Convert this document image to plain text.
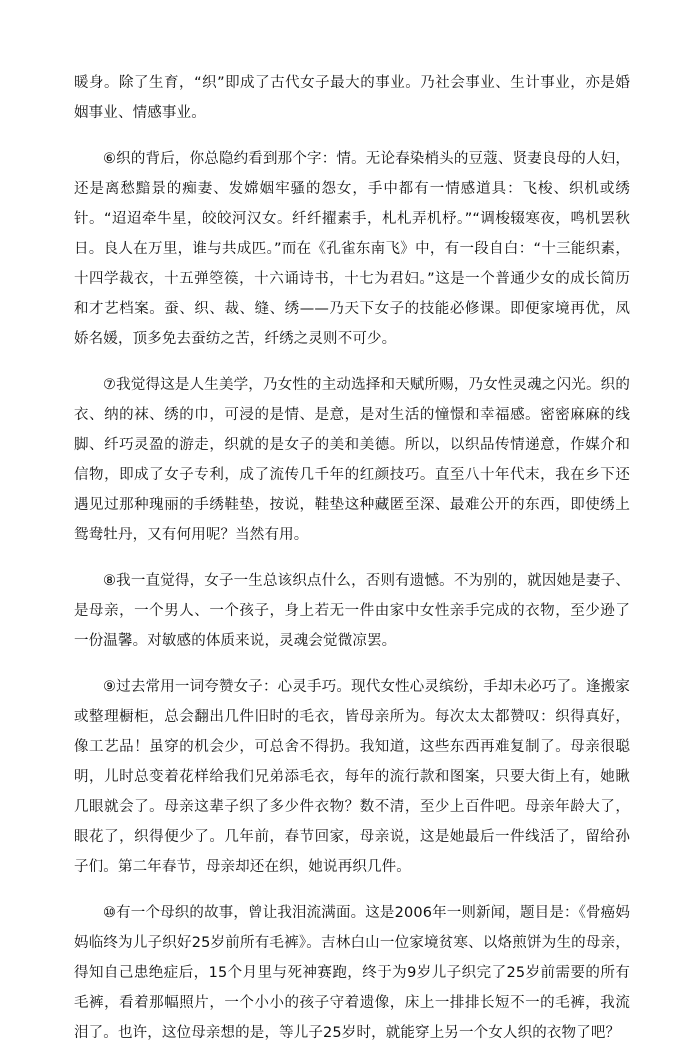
暖身。除了生育，“织”即成了古代女子最大的事业。乃社会事业、生计事业，亦是婚姻事业、情感事业。

⑥织的背后，你总隐约看到那个字：情。无论春染梢头的豆蔻、贤妻良母的人妇，还是离愁黯景的痴妻、发嫦姻牢骚的怨女，手中都有一情感道具：飞梭、织机或绣针。“迢迢牵牛星，皎皎河汉女。纤纤擢素手，札札弄机杼。”“调梭辍寒夜，鸣机罢秋日。良人在万里，谁与共成匹。”而在《孔雀东南飞》中，有一段自白：“十三能织素，十四学裁衣，十五弹箜篌，十六诵诗书，十七为君妇。”这是一个普通少女的成长简历和才艺档案。蚕、织、裁、缝、绣——乃天下女子的技能必修课。即便家境再优，凤娇名媛，顶多免去蚕纺之苦，纤绣之灵则不可少。

⑦我觉得这是人生美学，乃女性的主动选择和天赋所赐，乃女性灵魂之闪光。织的衣、纳的袜、绣的巾，可浸的是情、是意，是对生活的憧憬和幸福感。密密麻麻的线脚、纤巧灵盈的游走，织就的是女子的美和美德。所以，以织品传情递意，作媒介和信物，即成了女子专利，成了流传几千年的红颜技巧。直至八十年代末，我在乡下还遇见过那种瑰丽的手绣鞋垫，按说，鞋垫这种藏匿至深、最难公开的东西，即使绣上鸳鸯牡丹，又有何用呢？当然有用。

⑧我一直觉得，女子一生总该织点什么，否则有遗憾。不为别的，就因她是妻子、是母亲，一个男人、一个孩子，身上若无一件由家中女性亲手完成的衣物，至少逊了一份温馨。对敏感的体质来说，灵魂会觉微凉罢。

⑨过去常用一词夸赞女子：心灵手巧。现代女性心灵缤纷，手却未必巧了。逢搬家或整理橱柜，总会翻出几件旧时的毛衣，皆母亲所为。每次太太都赞叹：织得真好，像工艺品！虽穿的机会少，可总舍不得扔。我知道，这些东西再难复制了。母亲很聪明，儿时总变着花样给我们兄弟添毛衣，每年的流行款和图案，只要大街上有，她瞅几眼就会了。母亲这辈子织了多少件衣物？数不清，至少上百件吧。母亲年龄大了，眼花了，织得便少了。几年前，春节回家，母亲说，这是她最后一件线活了，留给孙子们。第二年春节，母亲却还在织，她说再织几件。

⑩有一个母织的故事，曾让我泪流满面。这是2006年一则新闻，题目是：《骨癌妈妈临终为儿子织好25岁前所有毛裤》。吉林白山一位家境贫寒、以烙煎饼为生的母亲，得知自己患绝症后，15个月里与死神赛跑，终于为9岁儿子织完了25岁前需要的所有毛裤，看着那幅照片，一个小小的孩子守着遗像，床上一排排长短不一的毛裤，我流泪了。也许，这位母亲想的是，等儿子25岁时，就能穿上另一个女人织的衣物了吧？
